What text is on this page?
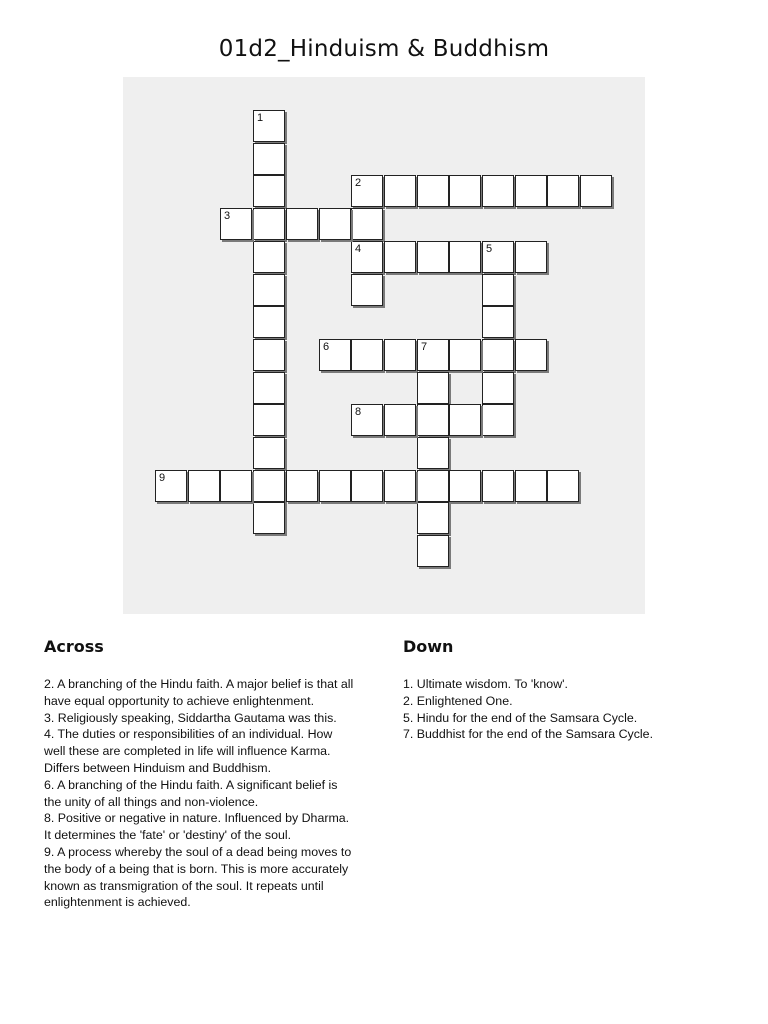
01d2_Hinduism & Buddhism
1
2
4
3
5
6	7
8
9
Across
2. A branching of the Hindu faith. A major belief is that all have equal opportunity to achieve enlightenment.
3. Religiously speaking, Siddartha Gautama was this.
4. The duties or responsibilities of an individual. How well these are completed in life will influence Karma. Differs between Hinduism and Buddhism.
6. A branching of the Hindu faith. A significant belief is the unity of all things and non-violence.
8. Positive or negative in nature. Influenced by Dharma. It determines the 'fate' or 'destiny' of the soul.
9. A process whereby the soul of a dead being moves to the body of a being that is born. This is more accurately known as transmigration of the soul. It repeats until enlightenment is achieved.
Down
1. Ultimate wisdom. To 'know'.
2. Enlightened One.
5. Hindu for the end of the Samsara Cycle.
7. Buddhist for the end of the Samsara Cycle.
